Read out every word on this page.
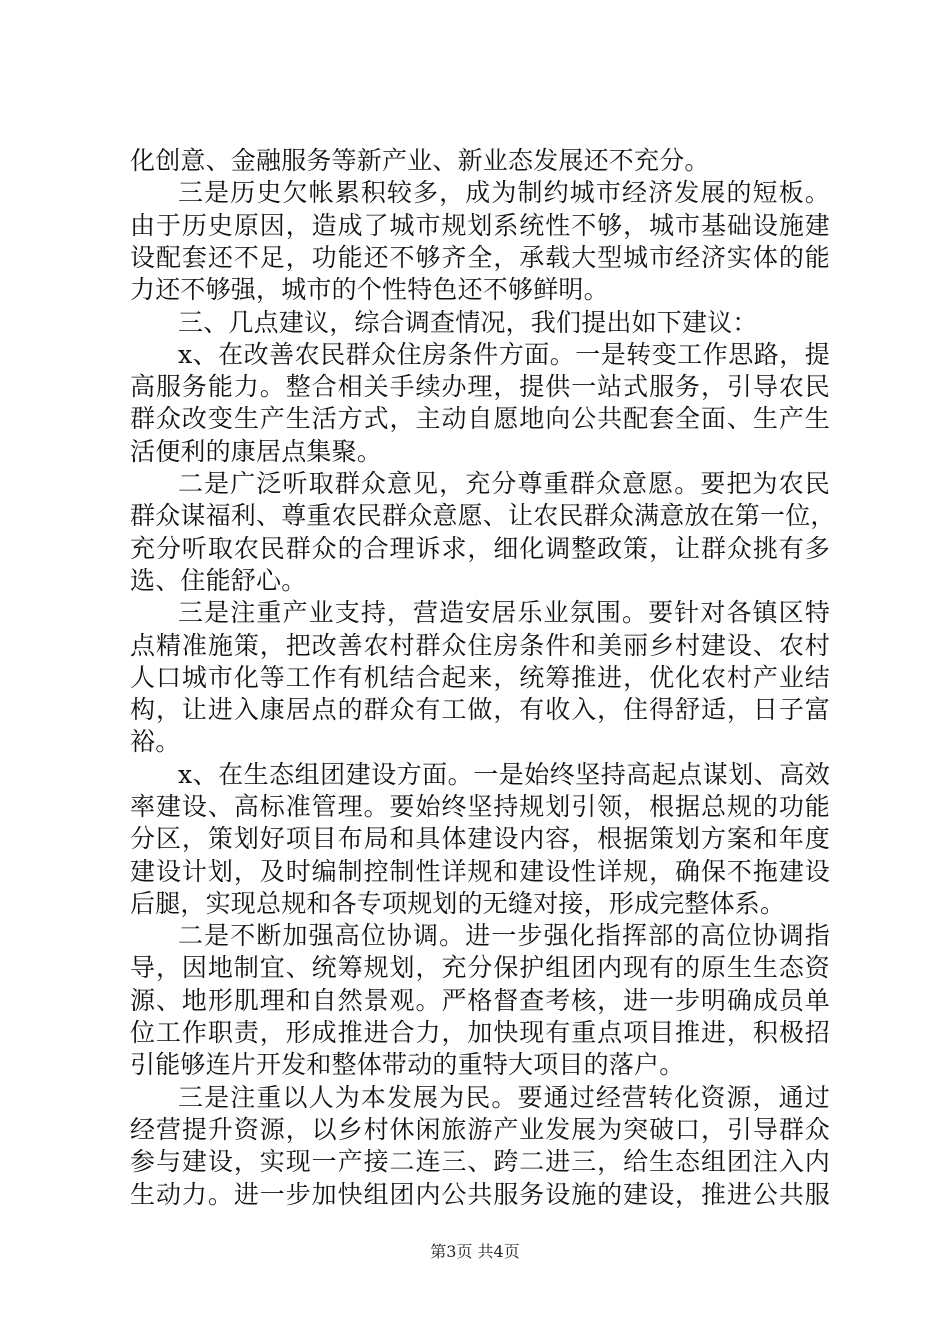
化创意、金融服务等新产业、新业态发展还不充分。
三是历史欠帐累积较多，成为制约城市经济发展的短板。
由于历史原因，造成了城市规划系统性不够，城市基础设施建
设配套还不足，功能还不够齐全，承载大型城市经济实体的能
力还不够强，城市的个性特色还不够鲜明。
三、几点建议，综合调查情况，我们提出如下建议：
x、在改善农民群众住房条件方面。一是转变工作思路，提
高服务能力。整合相关手续办理，提供一站式服务，引导农民
群众改变生产生活方式，主动自愿地向公共配套全面、生产生
活便利的康居点集聚。
二是广泛听取群众意见，充分尊重群众意愿。要把为农民
群众谋福利、尊重农民群众意愿、让农民群众满意放在第一位，
充分听取农民群众的合理诉求，细化调整政策，让群众挑有多
选、住能舒心。
三是注重产业支持，营造安居乐业氛围。要针对各镇区特
点精准施策，把改善农村群众住房条件和美丽乡村建设、农村
人口城市化等工作有机结合起来，统筹推进，优化农村产业结
构，让进入康居点的群众有工做，有收入，住得舒适，日子富
裕。
x、在生态组团建设方面。一是始终坚持高起点谋划、高效
率建设、高标准管理。要始终坚持规划引领，根据总规的功能
分区，策划好项目布局和具体建设内容，根据策划方案和年度
建设计划，及时编制控制性详规和建设性详规，确保不拖建设
后腿，实现总规和各专项规划的无缝对接，形成完整体系。
二是不断加强高位协调。进一步强化指挥部的高位协调指
导，因地制宜、统筹规划，充分保护组团内现有的原生生态资
源、地形肌理和自然景观。严格督查考核，进一步明确成员单
位工作职责，形成推进合力，加快现有重点项目推进，积极招
引能够连片开发和整体带动的重特大项目的落户。
三是注重以人为本发展为民。要通过经营转化资源，通过
经营提升资源，以乡村休闲旅游产业发展为突破口，引导群众
参与建设，实现一产接二连三、跨二进三，给生态组团注入内
生动力。进一步加快组团内公共服务设施的建设，推进公共服
第3页 共4页
